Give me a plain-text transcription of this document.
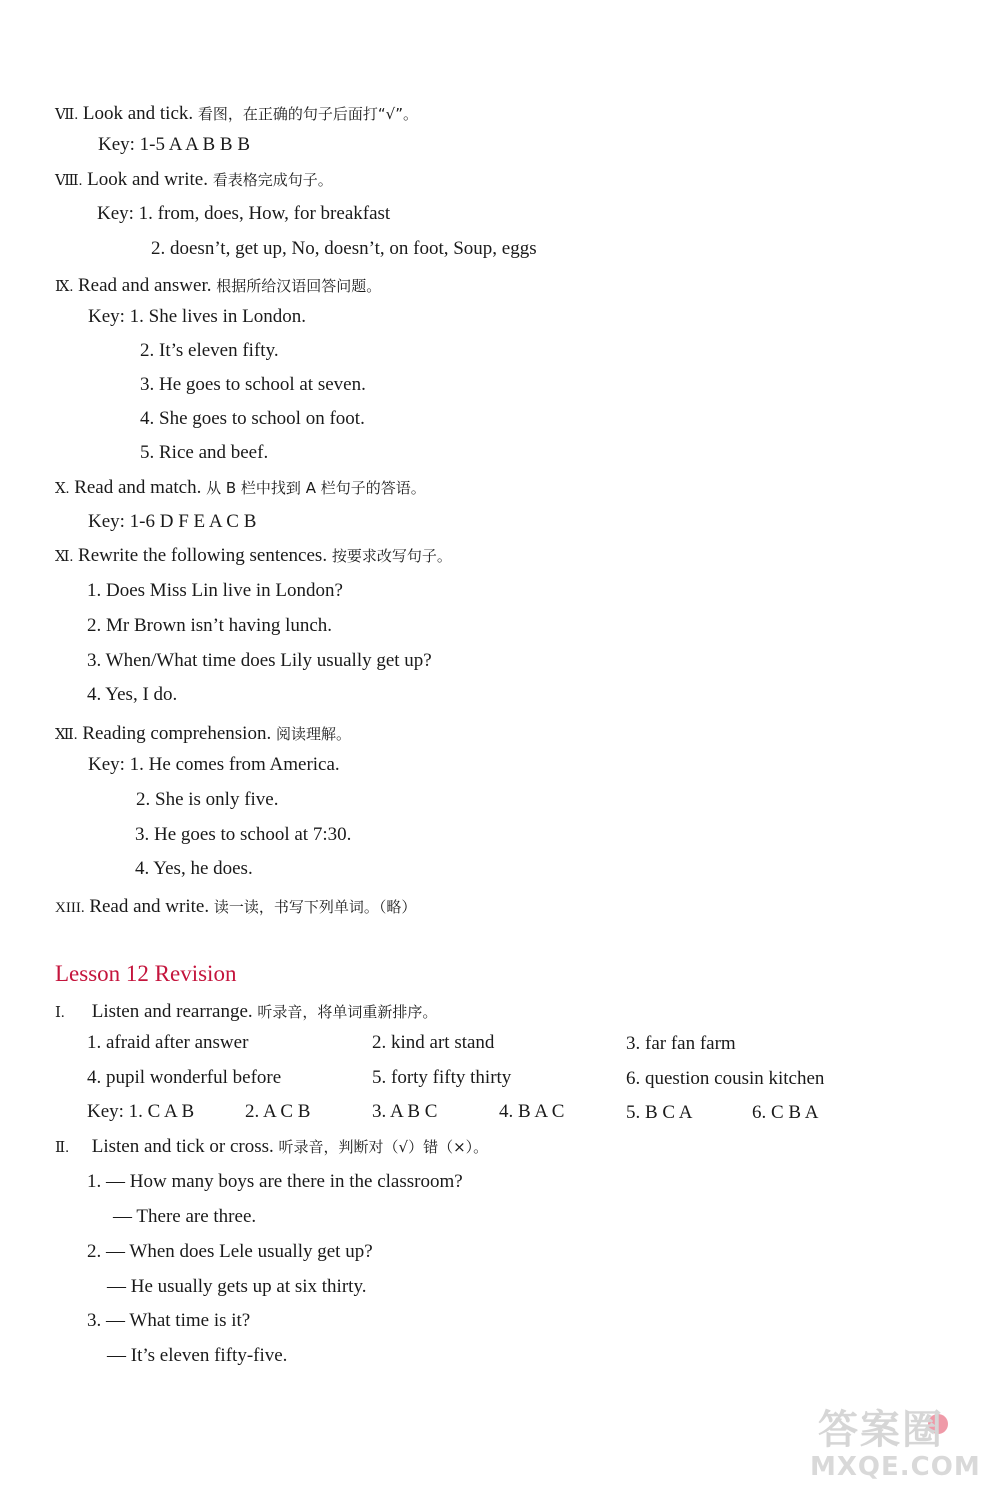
Ⅶ. Look and tick. 看图，在正确的句子后面打“√”。
Key: 1-5 A A B B B
Ⅷ. Look and write. 看表格完成句子。
Key: 1. from, does, How, for breakfast
2. doesn’t, get up, No, doesn’t, on foot, Soup, eggs
Ⅸ. Read and answer. 根据所给汉语回答问题。
Key: 1. She lives in London.
2. It’s eleven fifty.
3. He goes to school at seven.
4. She goes to school on foot.
5. Rice and beef.
Ⅹ. Read and match. 从 B 栏中找到 A 栏句子的答语。
Key: 1-6 D F E A C B
Ⅺ. Rewrite the following sentences. 按要求改写句子。
1. Does Miss Lin live in London?
2. Mr Brown isn’t having lunch.
3. When/What time does Lily usually get up?
4. Yes, I do.
Ⅻ. Reading comprehension. 阅读理解。
Key: 1. He comes from America.
2. She is only five.
3. He goes to school at 7:30.
4. Yes, he does.
XIII. Read and write. 读一读，书写下列单词。（略）
Lesson 12 Revision
Ⅰ. Listen and rearrange. 听录音，将单词重新排序。
1. afraid after answer	2. kind art stand	3. far fan farm
4. pupil wonderful before	5. forty fifty thirty	6. question cousin kitchen
Key: 1. C A B	2. A C B	3. A B C	4. B A C	5. B C A	6. C B A
Ⅱ. Listen and tick or cross. 听录音，判断对（√）错（×）。
1. — How many boys are there in the classroom?
— There are three.
2. — When does Lele usually get up?
— He usually gets up at six thirty.
3. — What time is it?
— It’s eleven fifty-five.
答案圈
MXQE.COM
